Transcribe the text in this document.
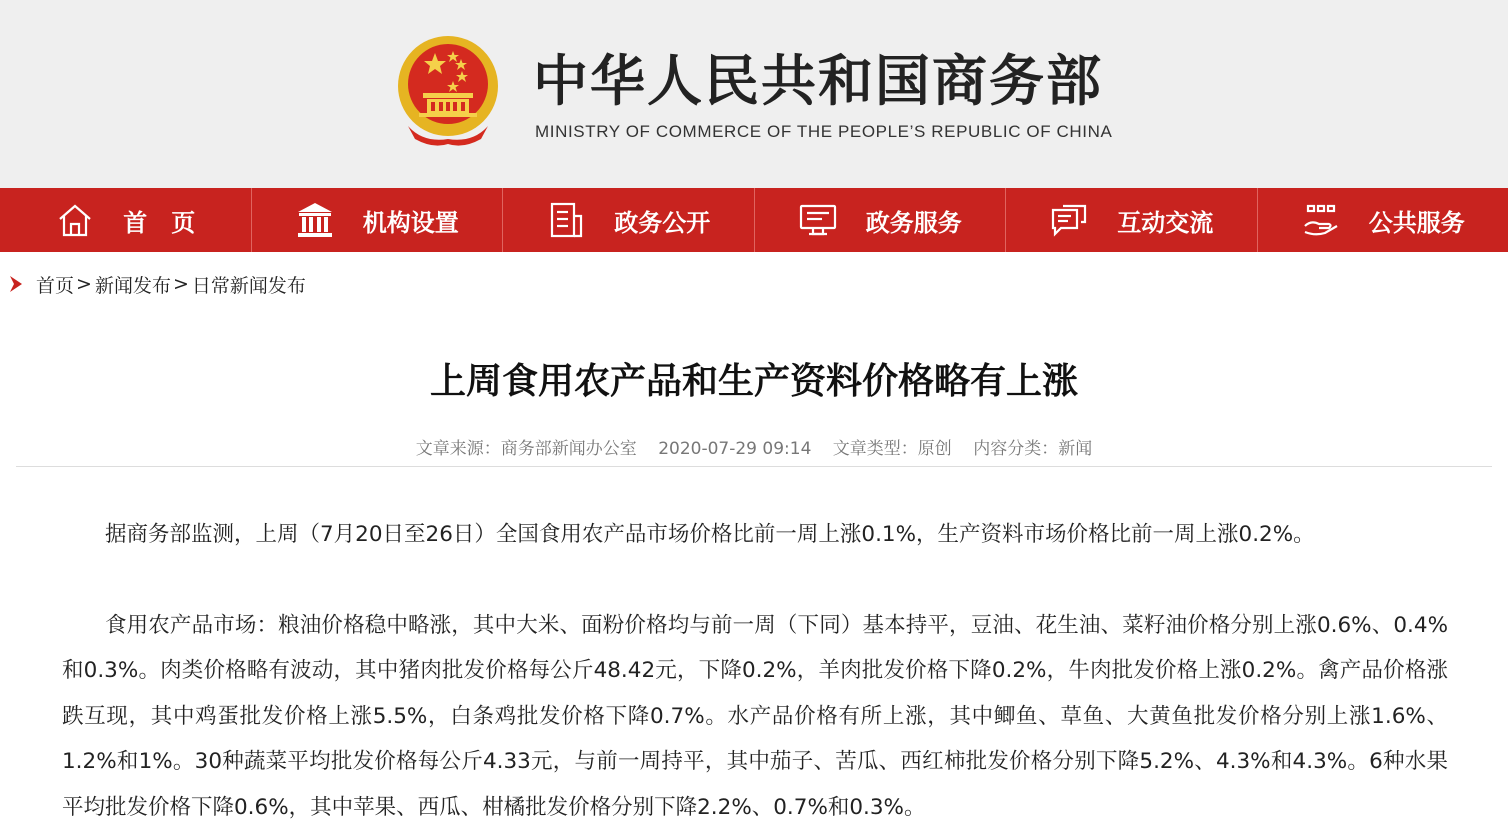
中华人民共和国商务部
MINISTRY OF COMMERCE OF THE PEOPLE’S REPUBLIC OF CHINA
首　页	机构设置	政务公开	政务服务	互动交流	公共服务
首页 > 新闻发布 > 日常新闻发布
上周食用农产品和生产资料价格略有上涨
文章来源：商务部新闻办公室 2020-07-29 09:14 文章类型：原创 内容分类：新闻

据商务部监测，上周（7月20日至26日）全国食用农产品市场价格比前一周上涨0.1%，生产资料市场价格比前一周上涨0.2%。

食用农产品市场：粮油价格稳中略涨，其中大米、面粉价格均与前一周（下同）基本持平，豆油、花生油、菜籽油价格分别上涨0.6%、0.4%和0.3%。肉类价格略有波动，其中猪肉批发价格每公斤48.42元，下降0.2%，羊肉批发价格下降0.2%，牛肉批发价格上涨0.2%。禽产品价格涨跌互现，其中鸡蛋批发价格上涨5.5%，白条鸡批发价格下降0.7%。水产品价格有所上涨，其中鲫鱼、草鱼、大黄鱼批发价格分别上涨1.6%、1.2%和1%。30种蔬菜平均批发价格每公斤4.33元，与前一周持平，其中茄子、苦瓜、西红柿批发价格分别下降5.2%、4.3%和4.3%。6种水果平均批发价格下降0.6%，其中苹果、西瓜、柑橘批发价格分别下降2.2%、0.7%和0.3%。
